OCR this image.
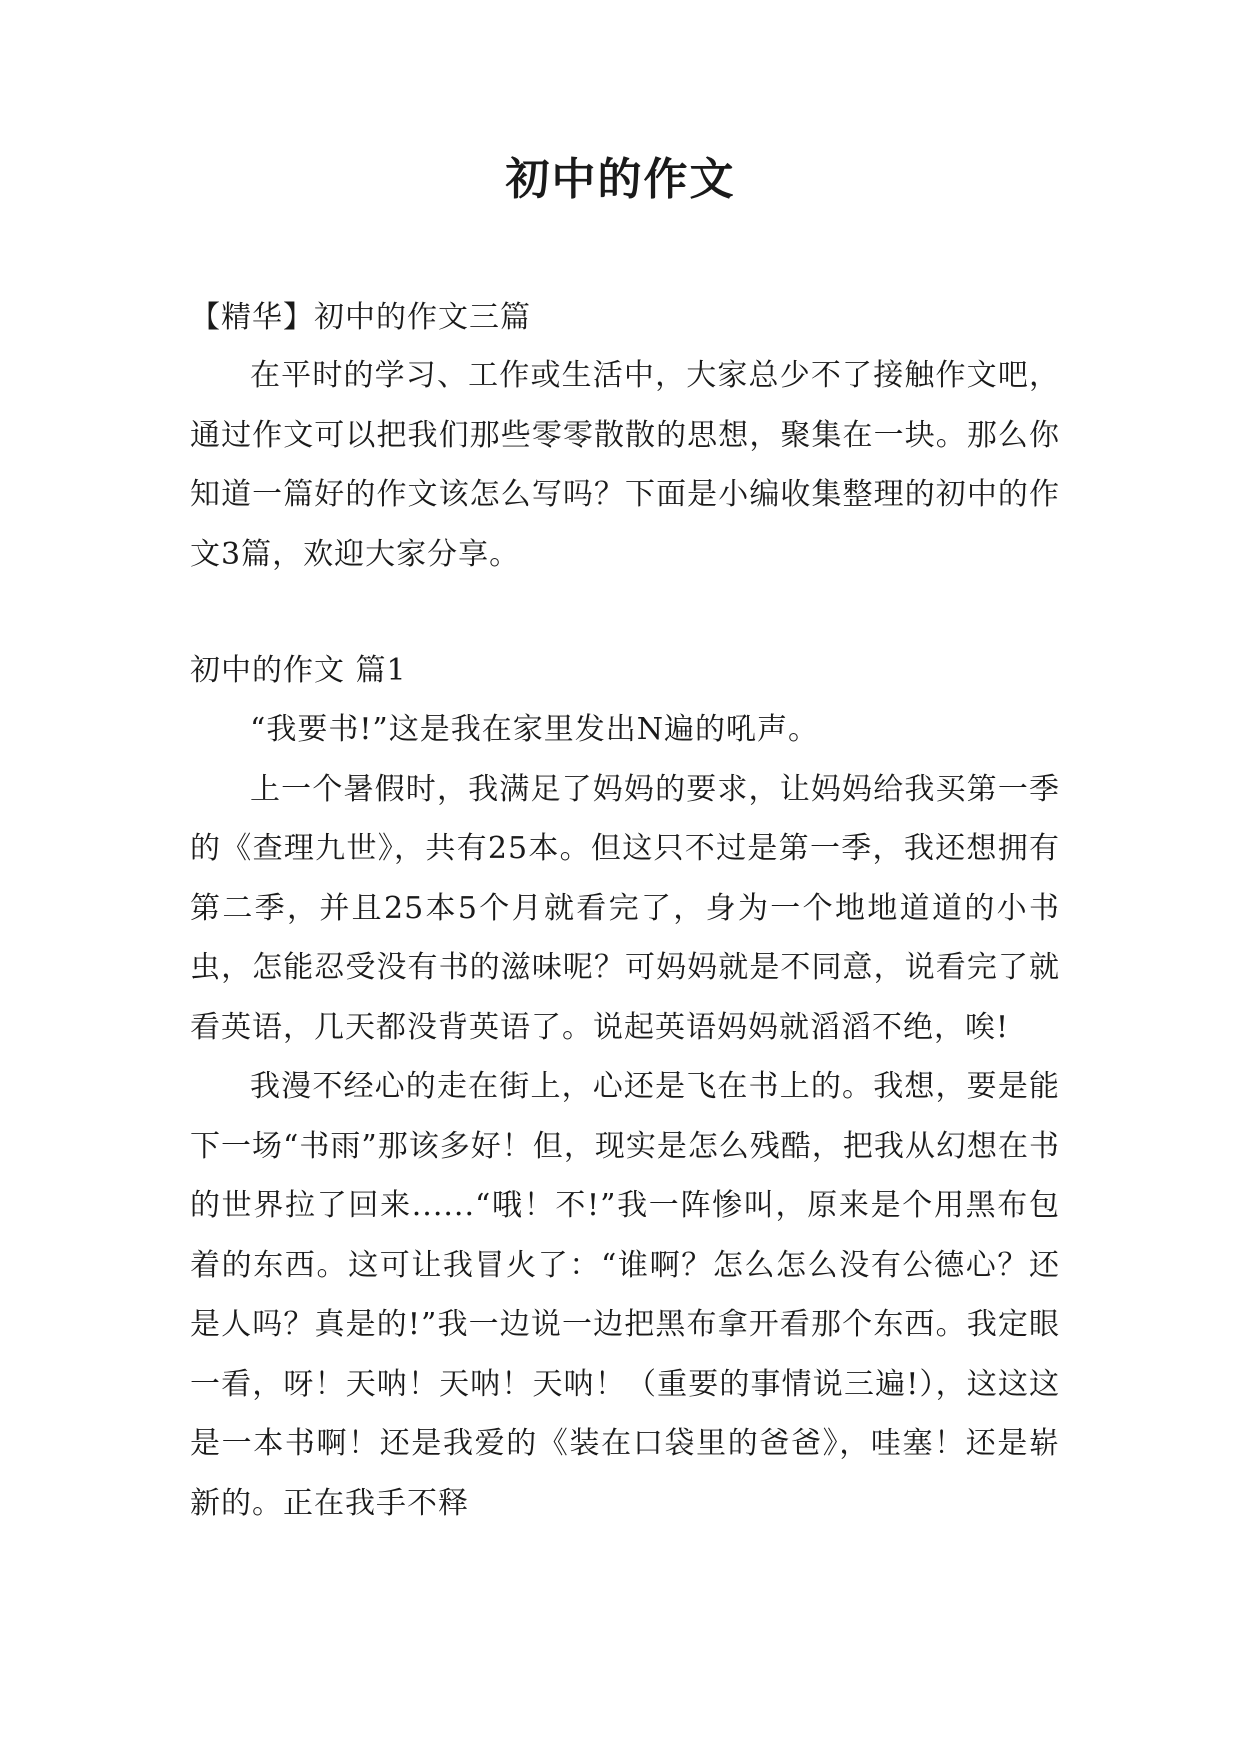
初中的作文
【精华】初中的作文三篇

在平时的学习、工作或生活中，大家总少不了接触作文吧，通过作文可以把我们那些零零散散的思想，聚集在一块。那么你知道一篇好的作文该怎么写吗？下面是小编收集整理的初中的作文3篇，欢迎大家分享。

初中的作文 篇1

“我要书!”这是我在家里发出N遍的吼声。

上一个暑假时，我满足了妈妈的要求，让妈妈给我买第一季的《查理九世》，共有25本。但这只不过是第一季，我还想拥有第二季，并且25本5个月就看完了，身为一个地地道道的小书虫，怎能忍受没有书的滋味呢？可妈妈就是不同意，说看完了就看英语，几天都没背英语了。说起英语妈妈就滔滔不绝，唉!

我漫不经心的走在街上，心还是飞在书上的。我想，要是能下一场“书雨”那该多好！但，现实是怎么残酷，把我从幻想在书的世界拉了回来......“哦！不!”我一阵惨叫，原来是个用黑布包着的东西。这可让我冒火了：“谁啊？怎么怎么没有公德心？还是人吗？真是的!”我一边说一边把黑布拿开看那个东西。我定眼一看，呀！天呐！天呐！天呐！（重要的事情说三遍!），这这这是一本书啊！还是我爱的《装在口袋里的爸爸》，哇塞！还是崭新的。正在我手不释
